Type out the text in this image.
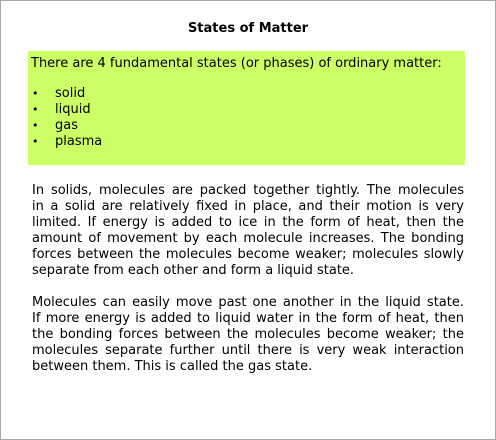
States of Matter
There are 4 fundamental states (or phases) of ordinary matter:
• solid
• liquid
• gas
• plasma
In solids, molecules are packed together tightly. The molecules
in a solid are relatively fixed in place, and their motion is very
limited. If energy is added to ice in the form of heat, then the
amount of movement by each molecule increases. The bonding
forces between the molecules become weaker; molecules slowly
separate from each other and form a liquid state.
Molecules can easily move past one another in the liquid state.
If more energy is added to liquid water in the form of heat, then
the bonding forces between the molecules become weaker; the
molecules separate further until there is very weak interaction
between them. This is called the gas state.
